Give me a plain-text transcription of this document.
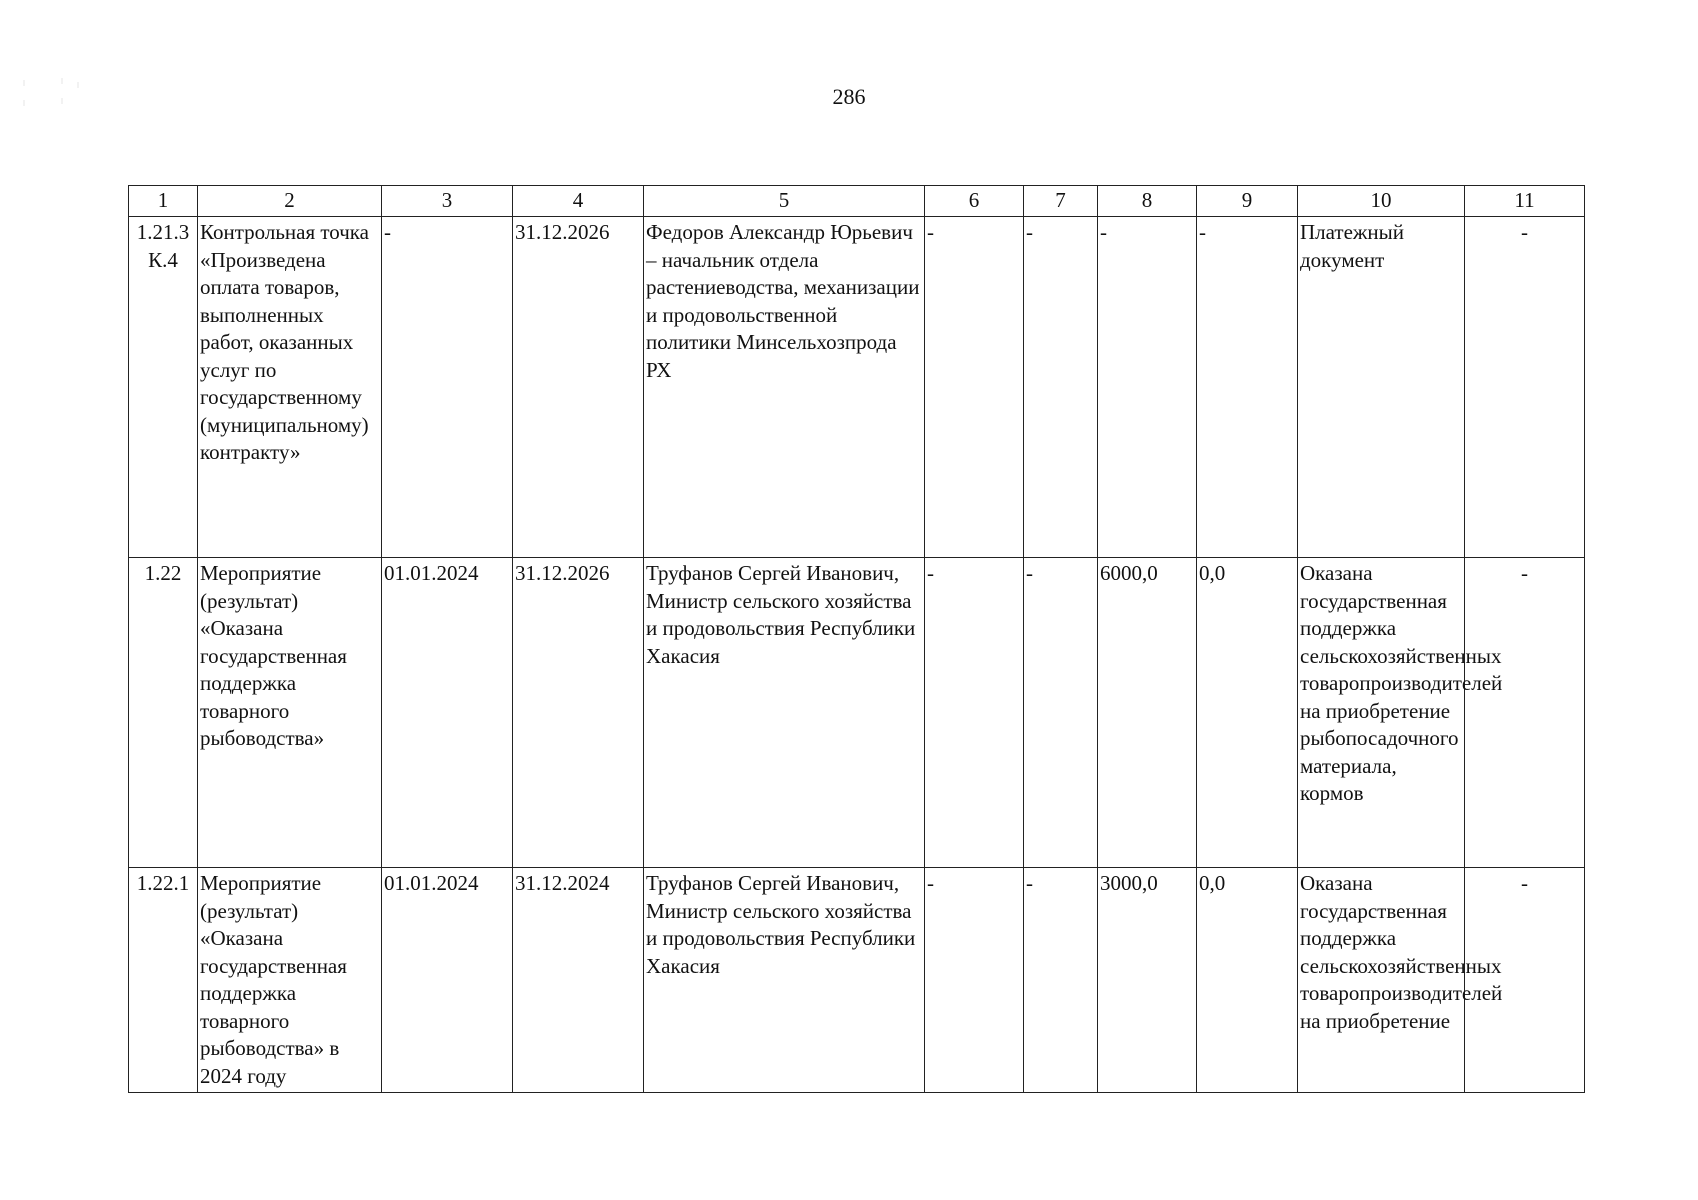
286
1	2	3	4	5	6	7	8	9	10	11
1.21.3 К.4	Контрольная точка «Произведена оплата товаров, выполненных работ, оказанных услуг по государственному (муниципальному) контракту»	-	31.12.2026	Федоров Александр Юрьевич – начальник отдела растениеводства, механизации и продовольственной политики Минсельхозпрода РХ	-	-	-	-	Платежный документ	-
1.22	Мероприятие (результат) «Оказана государственная поддержка товарного рыбоводства»	01.01.2024	31.12.2026	Труфанов Сергей Иванович, Министр сельского хозяйства и продовольствия Республики Хакасия	-	-	6000,0	0,0	Оказана государственная поддержка сельскохозяйственных товаропроизводителей на приобретение рыбопосадочного материала, кормов	-
1.22.1	Мероприятие (результат) «Оказана государственная поддержка товарного рыбоводства» в 2024 году	01.01.2024	31.12.2024	Труфанов Сергей Иванович, Министр сельского хозяйства и продовольствия Республики Хакасия	-	-	3000,0	0,0	Оказана государственная поддержка сельскохозяйственных товаропроизводителей на приобретение	-
